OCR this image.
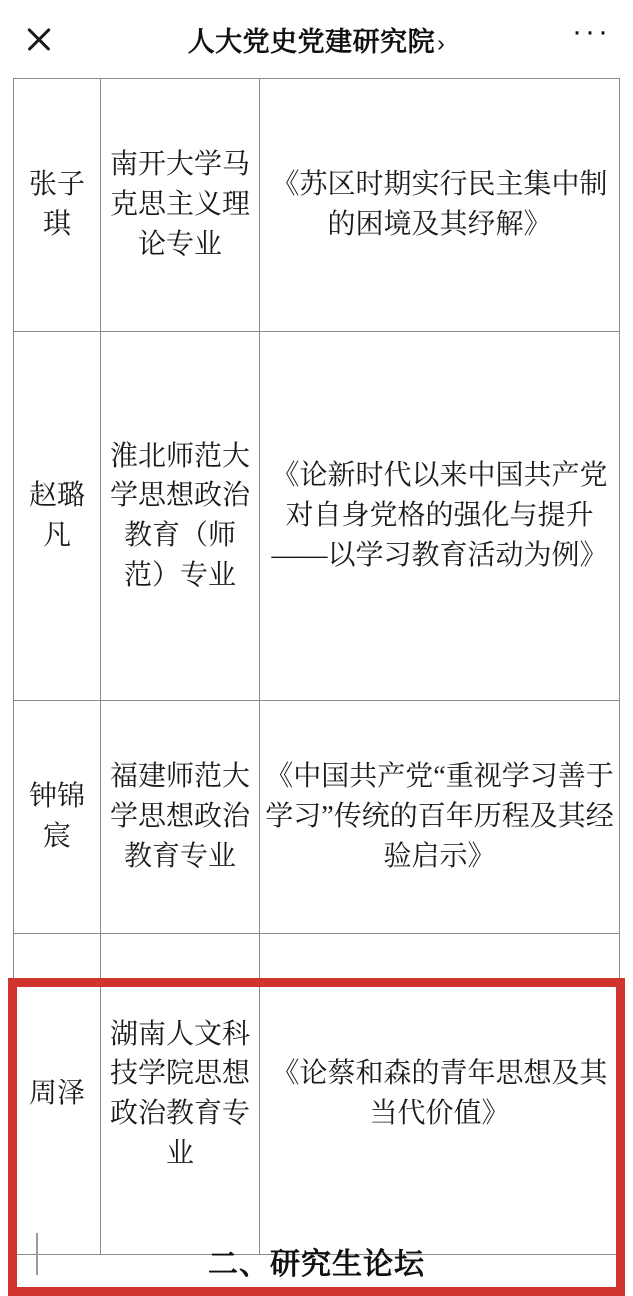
人大党史党建研究院›	···
张子琪	南开大学马克思主义理论专业	《苏区时期实行民主集中制的困境及其纾解》
赵璐凡	淮北师范大学思想政治教育（师范）专业	《论新时代以来中国共产党对自身党格的强化与提升——以学习教育活动为例》
钟锦宸	福建师范大学思想政治教育专业	《中国共产党“重视学习善于学习”传统的百年历程及其经验启示》
周泽	湖南人文科技学院思想政治教育专业	《论蔡和森的青年思想及其当代价值》
二、研究生论坛
